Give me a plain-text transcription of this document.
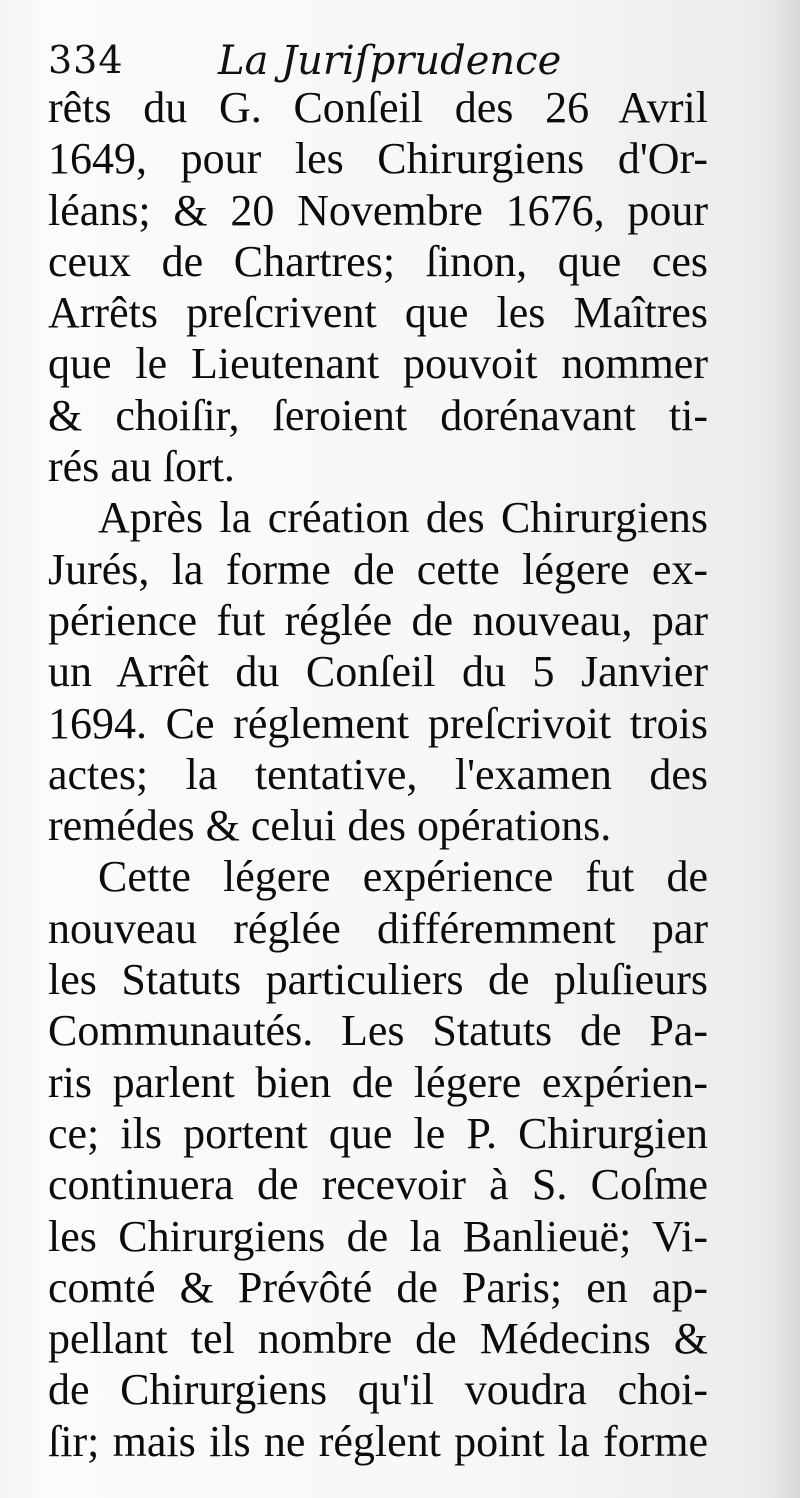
334 La Juriſprudence
rêts du G. Conſeil des 26 Avril
1649, pour les Chirurgiens d'Or-
léans; & 20 Novembre 1676, pour
ceux de Chartres; ſinon, que ces
Arrêts preſcrivent que les Maîtres
que le Lieutenant pouvoit nommer
& choiſir, ſeroient dorénavant ti-
rés au ſort.
Après la création des Chirurgiens
Jurés, la forme de cette légere ex-
périence fut réglée de nouveau, par
un Arrêt du Conſeil du 5 Janvier
1694. Ce réglement preſcrivoit trois
actes; la tentative, l'examen des
remédes & celui des opérations.
Cette légere expérience fut de
nouveau réglée différemment par
les Statuts particuliers de pluſieurs
Communautés. Les Statuts de Pa-
ris parlent bien de légere expérien-
ce; ils portent que le P. Chirurgien
continuera de recevoir à S. Coſme
les Chirurgiens de la Banlieuë; Vi-
comté & Prévôté de Paris; en ap-
pellant tel nombre de Médecins &
de Chirurgiens qu'il voudra choi-
ſir; mais ils ne réglent point la forme
